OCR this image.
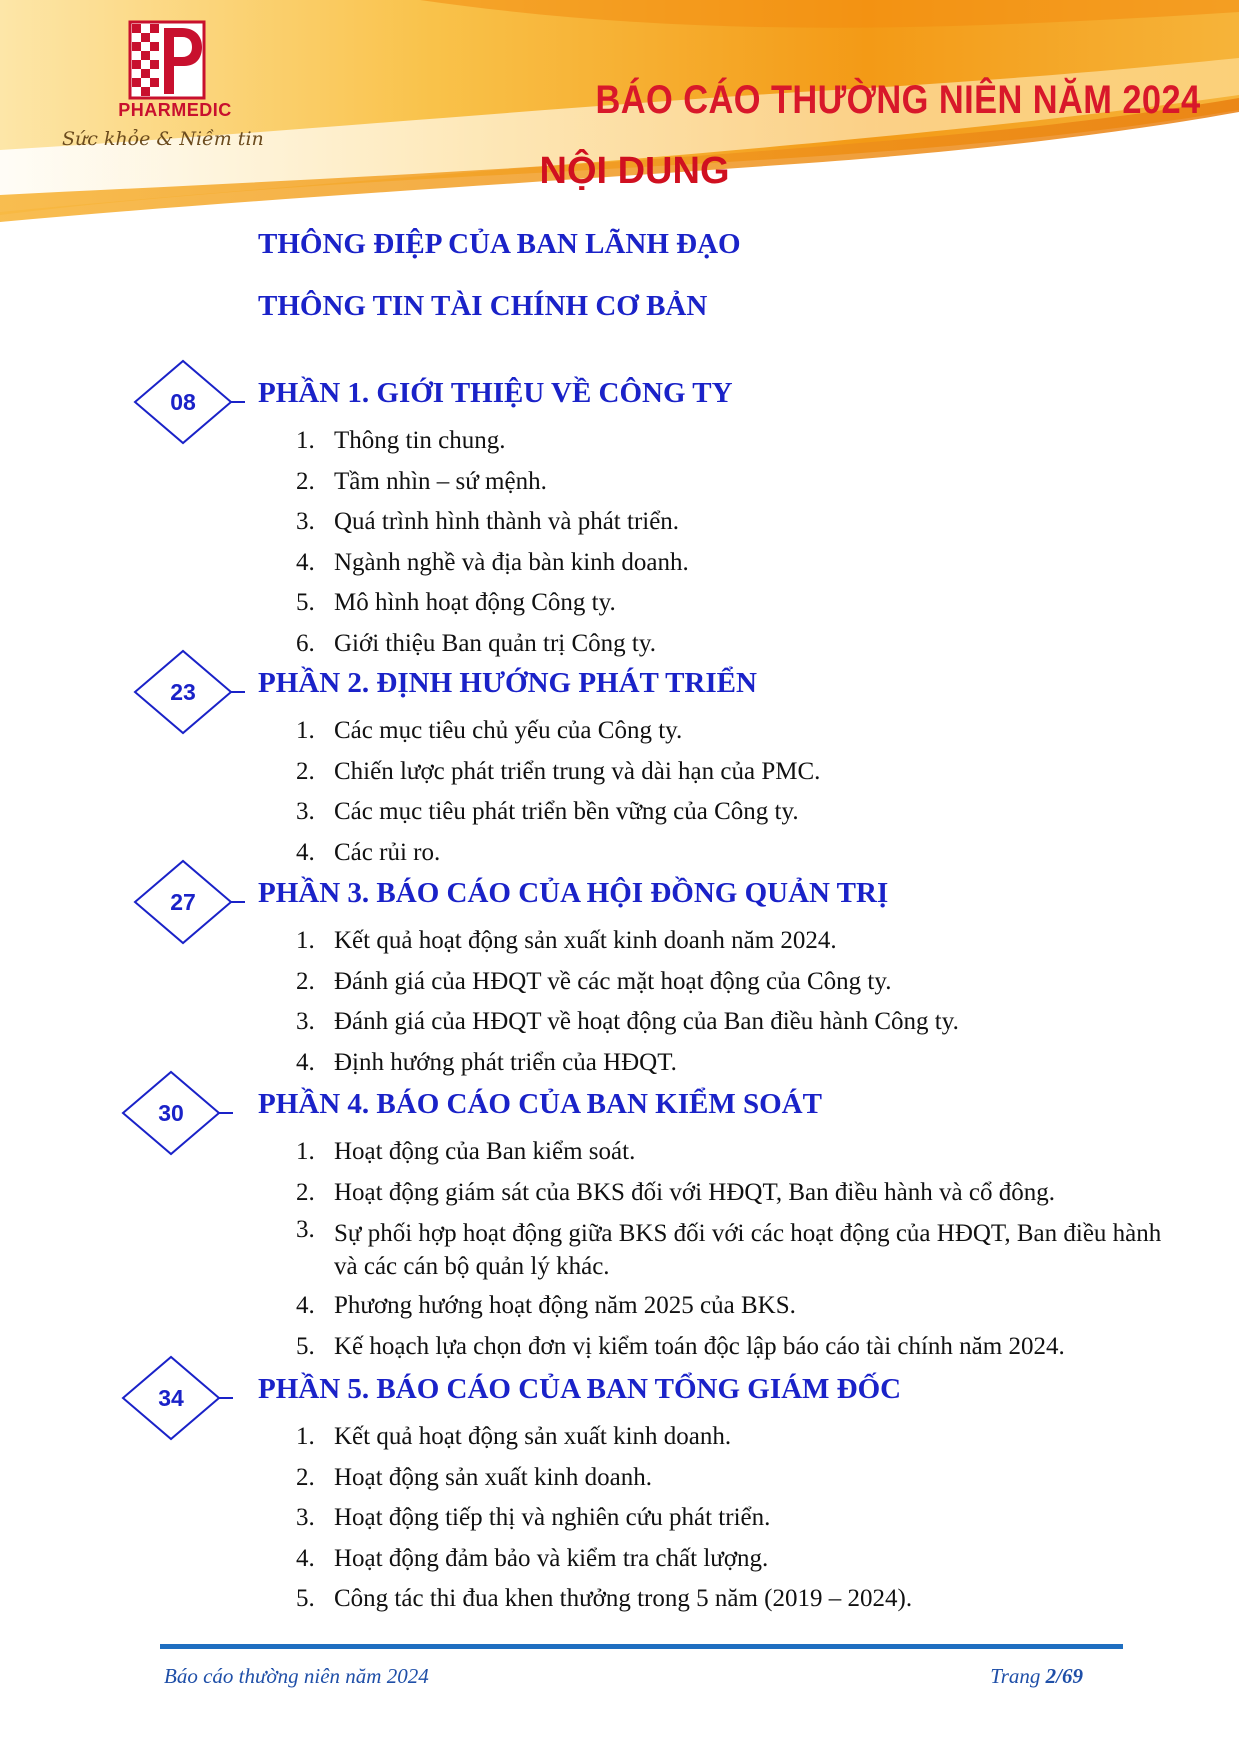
PHARMEDIC
Sức khỏe & Niềm tin
BÁO CÁO THƯỜNG NIÊN NĂM 2024
NỘI DUNG
THÔNG ĐIỆP CỦA BAN LÃNH ĐẠO
THÔNG TIN TÀI CHÍNH CƠ BẢN
08	PHẦN 1. GIỚI THIỆU VỀ CÔNG TY
1. Thông tin chung.
2. Tầm nhìn – sứ mệnh.
3. Quá trình hình thành và phát triển.
4. Ngành nghề và địa bàn kinh doanh.
5. Mô hình hoạt động Công ty.
6. Giới thiệu Ban quản trị Công ty.
23	PHẦN 2. ĐỊNH HƯỚNG PHÁT TRIỂN
1. Các mục tiêu chủ yếu của Công ty.
2. Chiến lược phát triển trung và dài hạn của PMC.
3. Các mục tiêu phát triển bền vững của Công ty.
4. Các rủi ro.
27	PHẦN 3. BÁO CÁO CỦA HỘI ĐỒNG QUẢN TRỊ
1. Kết quả hoạt động sản xuất kinh doanh năm 2024.
2. Đánh giá của HĐQT về các mặt hoạt động của Công ty.
3. Đánh giá của HĐQT về hoạt động của Ban điều hành Công ty.
4. Định hướng phát triển của HĐQT.
30	PHẦN 4. BÁO CÁO CỦA BAN KIỂM SOÁT
1. Hoạt động của Ban kiểm soát.
2. Hoạt động giám sát của BKS đối với HĐQT, Ban điều hành và cổ đông.
3. Sự phối hợp hoạt động giữa BKS đối với các hoạt động của HĐQT, Ban điều hành và các cán bộ quản lý khác.
4. Phương hướng hoạt động năm 2025 của BKS.
5. Kế hoạch lựa chọn đơn vị kiểm toán độc lập báo cáo tài chính năm 2024.
34	PHẦN 5. BÁO CÁO CỦA BAN TỔNG GIÁM ĐỐC
1. Kết quả hoạt động sản xuất kinh doanh.
2. Hoạt động sản xuất kinh doanh.
3. Hoạt động tiếp thị và nghiên cứu phát triển.
4. Hoạt động đảm bảo và kiểm tra chất lượng.
5. Công tác thi đua khen thưởng trong 5 năm (2019 – 2024).
Báo cáo thường niên năm 2024	Trang 2/69
